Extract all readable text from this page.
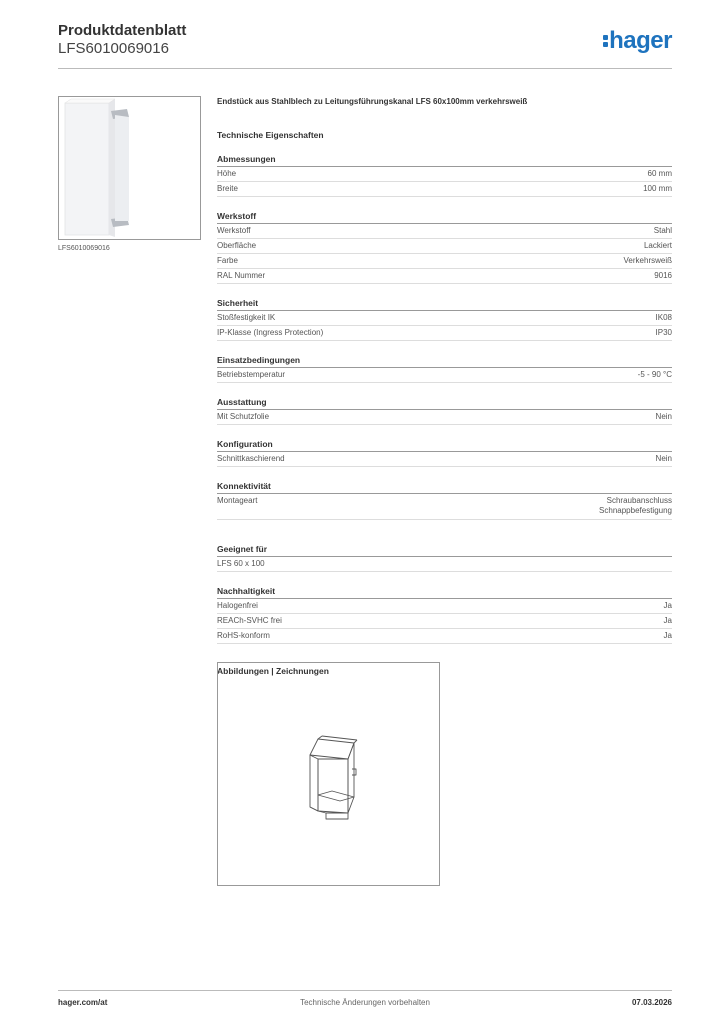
Produktdatenblatt
LFS6010069016	hager
LFS6010069016
Endstück aus Stahlblech zu Leitungsführungskanal LFS 60x100mm verkehrsweiß
Technische Eigenschaften
Abmessungen
Höhe	60 mm
Breite	100 mm
Werkstoff
Werkstoff	Stahl
Oberfläche	Lackiert
Farbe	Verkehrsweiß
RAL Nummer	9016
Sicherheit
Stoßfestigkeit IK	IK08
IP-Klasse (Ingress Protection)	IP30
Einsatzbedingungen
Betriebstemperatur	-5 - 90 °C
Ausstattung
Mit Schutzfolie	Nein
Konfiguration
Schnittkaschierend	Nein
Konnektivität
Montageart	Schraubanschluss
Schnappbefestigung
Geeignet für
LFS 60 x 100
Nachhaltigkeit
Halogenfrei	Ja
REACh-SVHC frei	Ja
RoHS-konform	Ja
Abbildungen | Zeichnungen
hager.com/at	Technische Änderungen vorbehalten	07.03.2026
